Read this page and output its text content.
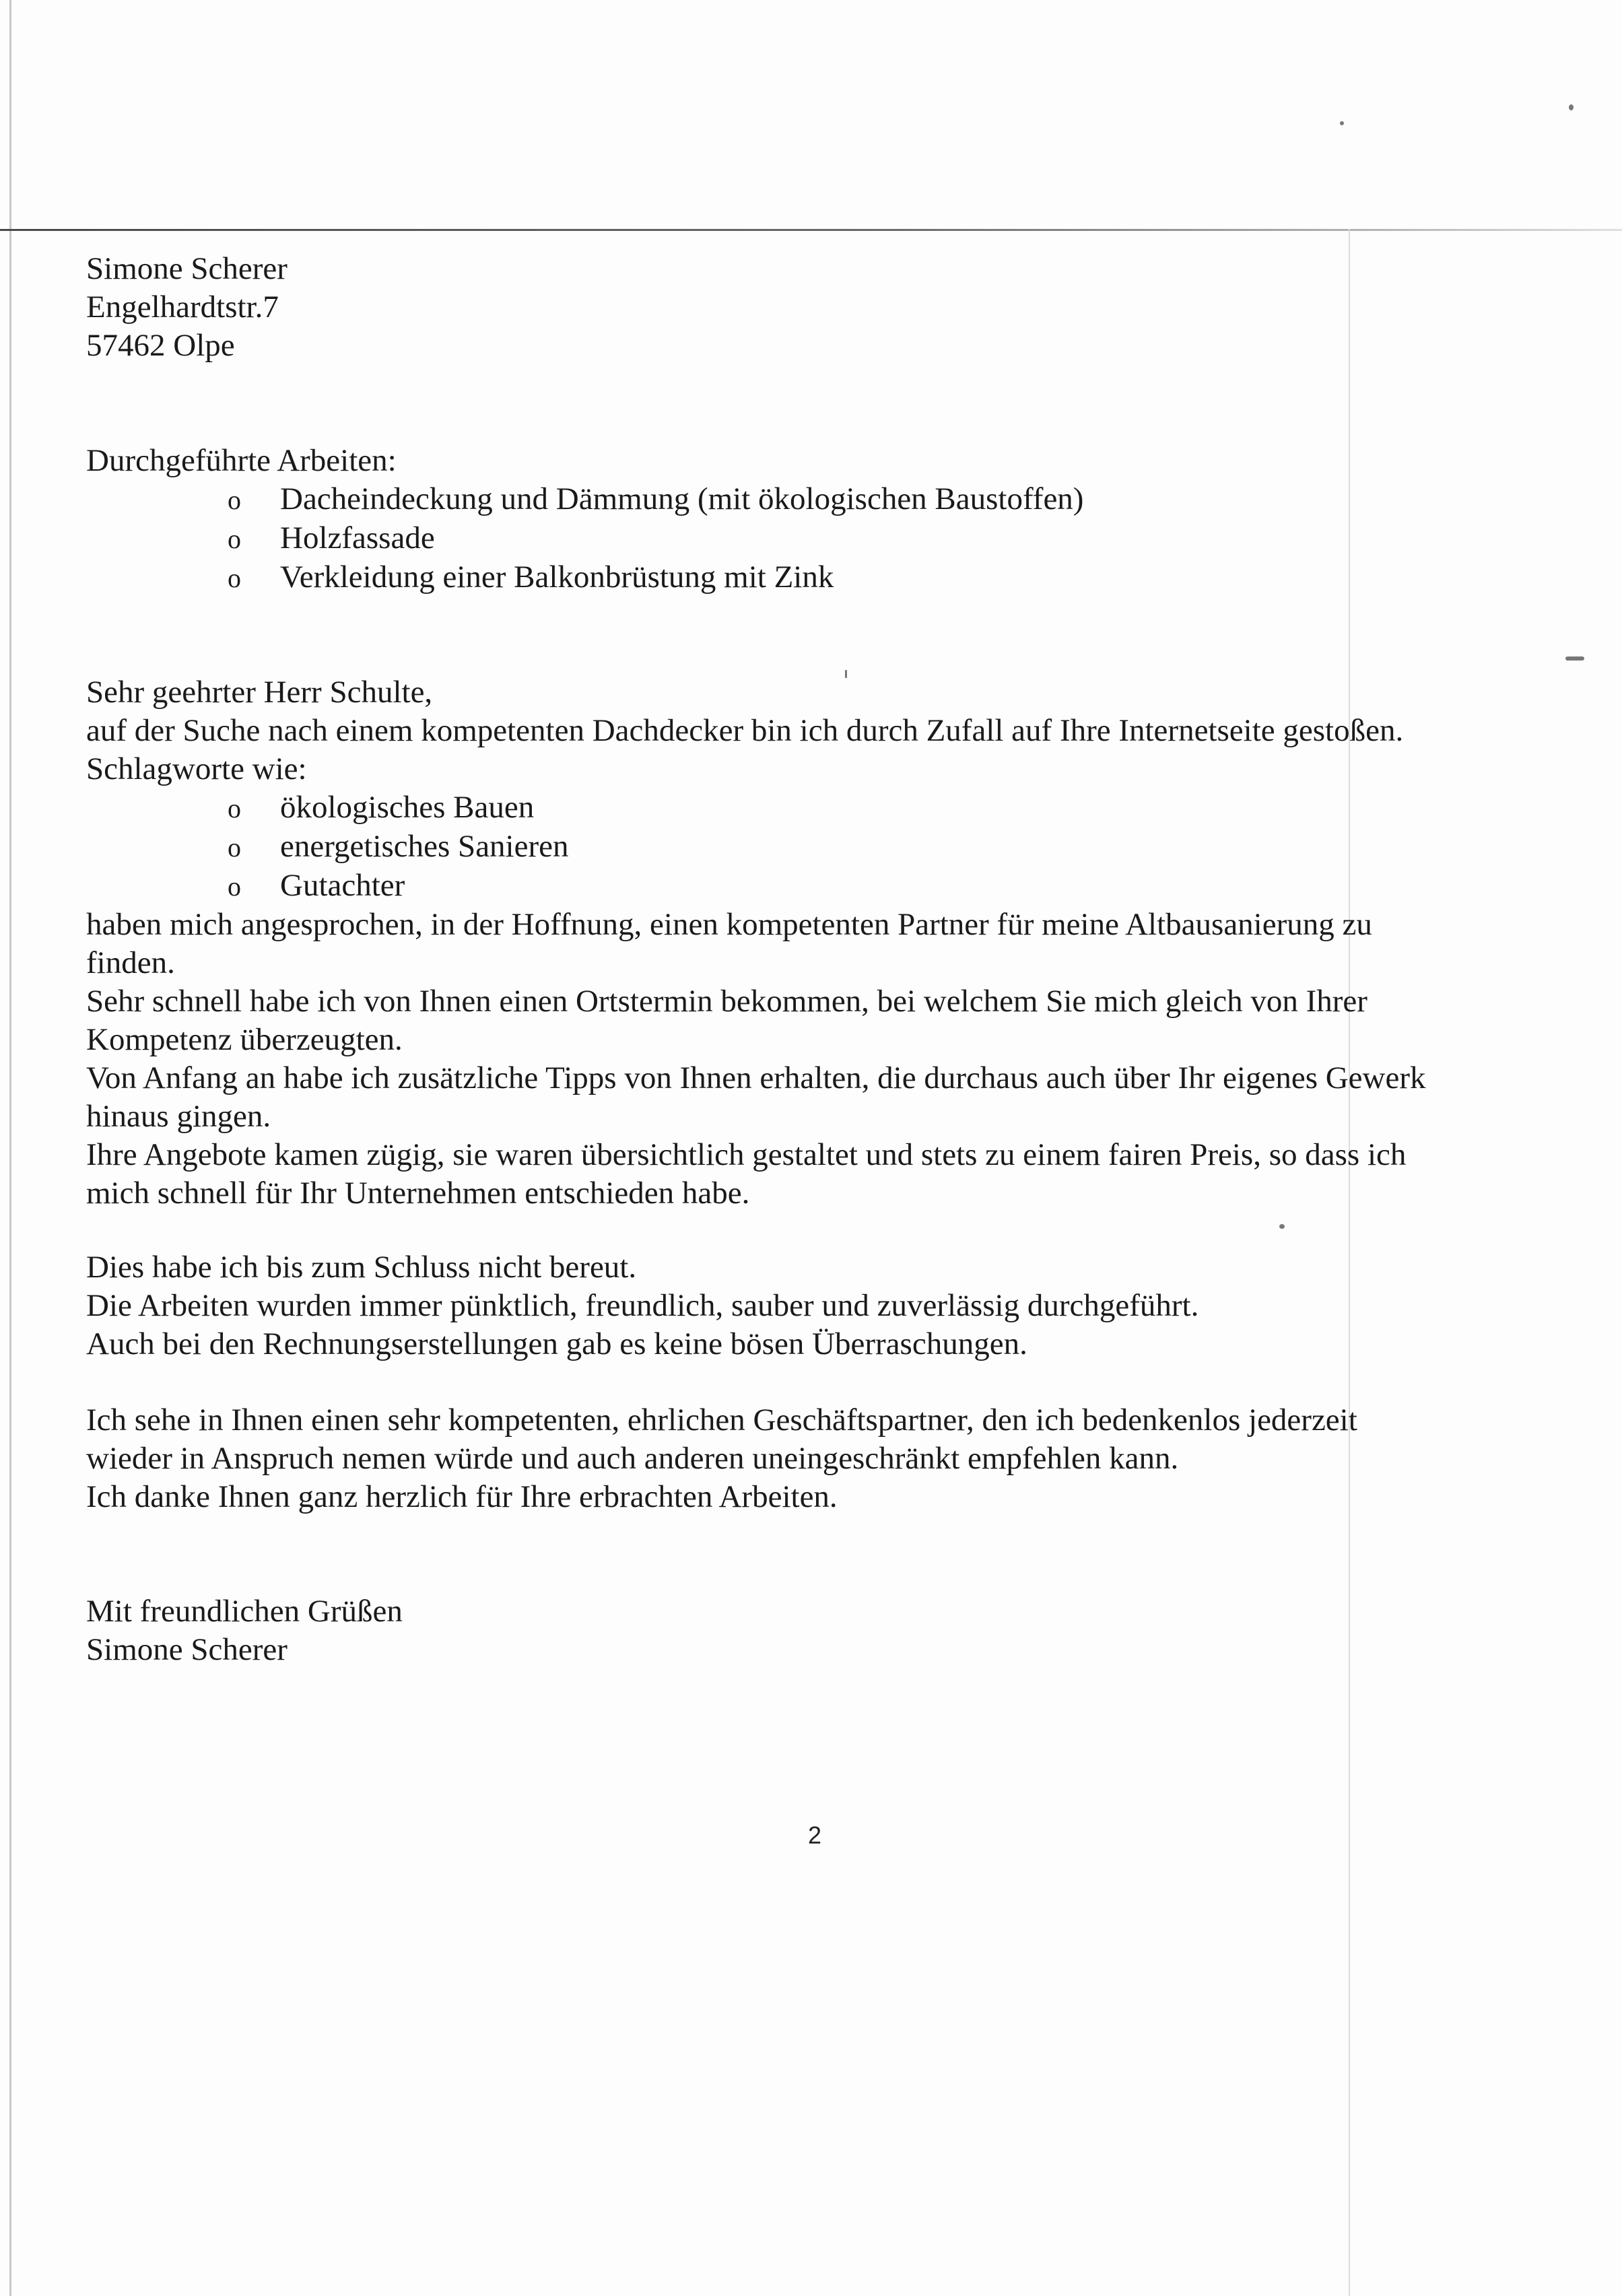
Simone Scherer

Engelhardtstr.7

57462 Olpe

Durchgeführte Arbeiten:

o Dacheindeckung und Dämmung (mit ökologischen Baustoffen)
o Holzfassade
o Verkleidung einer Balkonbrüstung mit Zink

Sehr geehrter Herr Schulte,

auf der Suche nach einem kompetenten Dachdecker bin ich durch Zufall auf Ihre Internetseite gestoßen.

Schlagworte wie:

o ökologisches Bauen
o energetisches Sanieren
o Gutachter

haben mich angesprochen, in der Hoffnung, einen kompetenten Partner für meine Altbausanierung zu

finden.

Sehr schnell habe ich von Ihnen einen Ortstermin bekommen, bei welchem Sie mich gleich von Ihrer

Kompetenz überzeugten.

Von Anfang an habe ich zusätzliche Tipps von Ihnen erhalten, die durchaus auch über Ihr eigenes Gewerk

hinaus gingen.

Ihre Angebote kamen zügig, sie waren übersichtlich gestaltet und stets zu einem fairen Preis, so dass ich

mich schnell für Ihr Unternehmen entschieden habe.

Dies habe ich bis zum Schluss nicht bereut.

Die Arbeiten wurden immer pünktlich, freundlich, sauber und zuverlässig durchgeführt.

Auch bei den Rechnungserstellungen gab es keine bösen Überraschungen.

Ich sehe in Ihnen einen sehr kompetenten, ehrlichen Geschäftspartner, den ich bedenkenlos jederzeit

wieder in Anspruch nemen würde und auch anderen uneingeschränkt empfehlen kann.

Ich danke Ihnen ganz herzlich für Ihre erbrachten Arbeiten.

Mit freundlichen Grüßen

Simone Scherer

2
